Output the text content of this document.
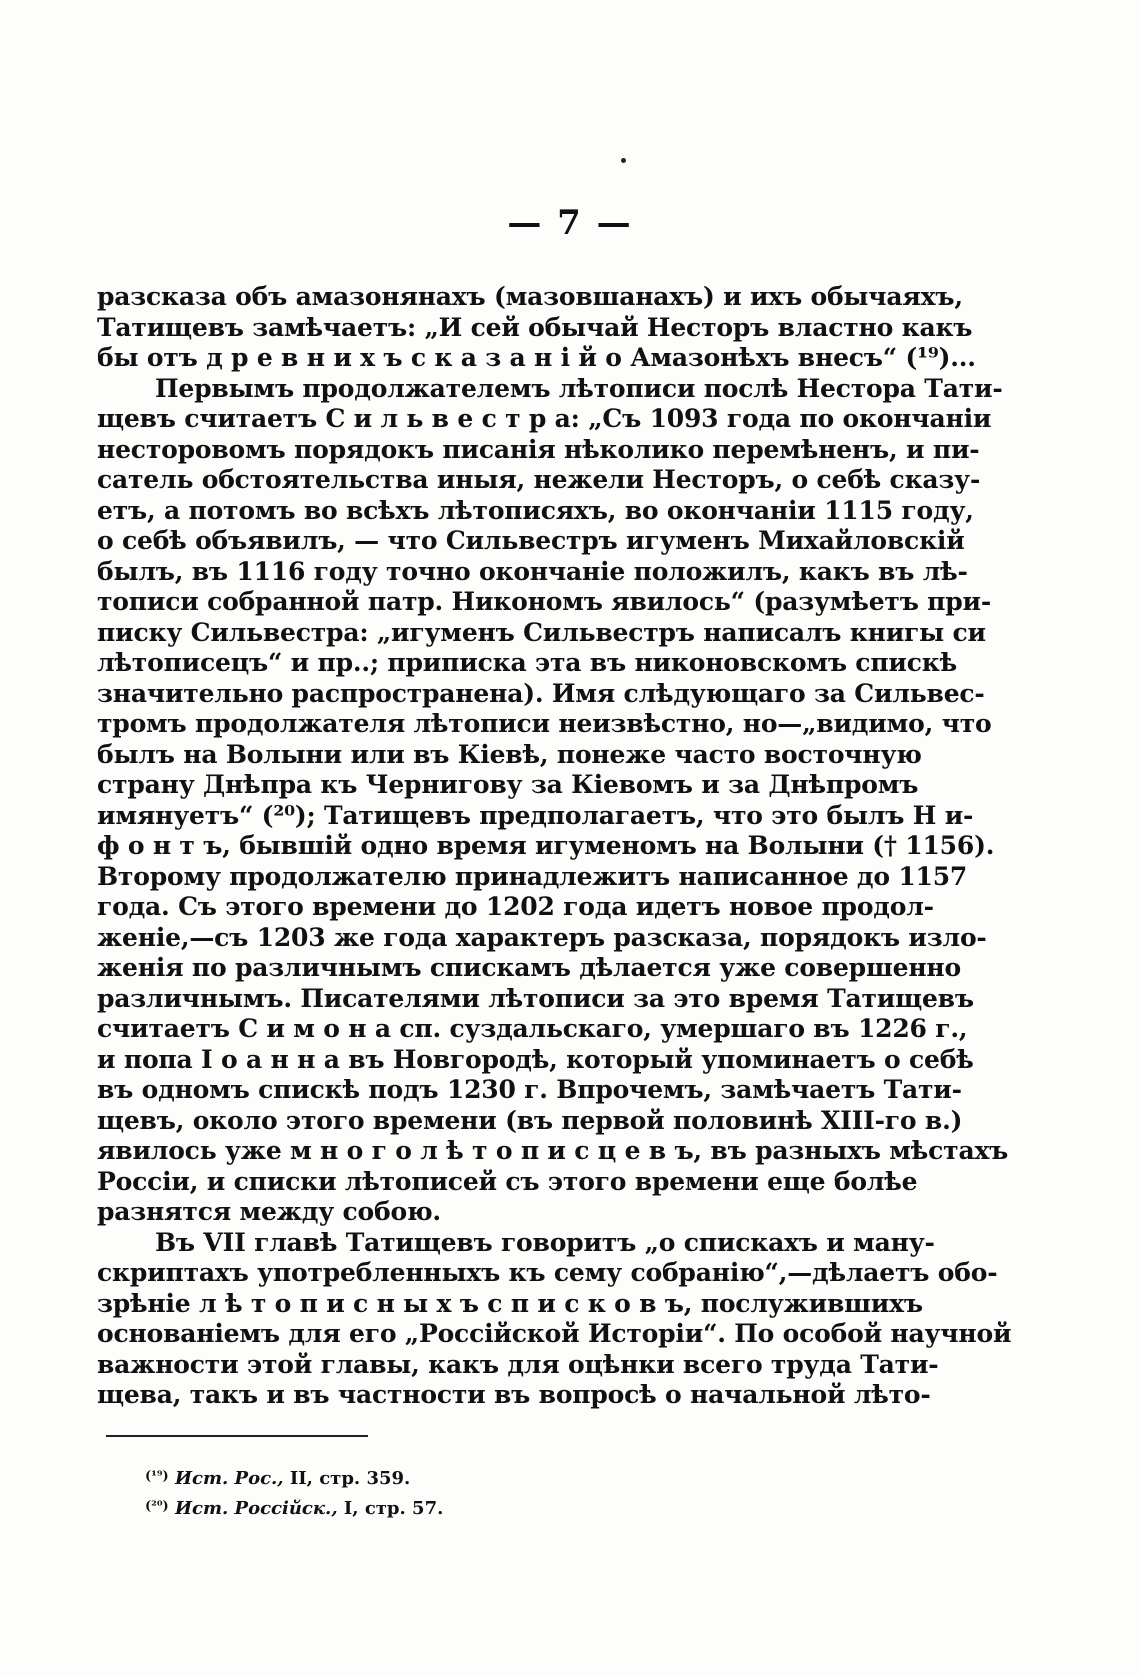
— 7 —
разсказа объ амазонянахъ (мазовшанахъ) и ихъ обычаяхъ,
Татищевъ замѣчаетъ: „И сей обычай Несторъ властно какъ
бы отъ д р е в н и х ъ с к а з а н і й о Амазонѣхъ внесъ“ (¹⁹)...
Первымъ продолжателемъ лѣтописи послѣ Нестора Тати-
щевъ считаетъ С и л ь в е с т р а: „Съ 1093 года по окончаніи
несторовомъ порядокъ писанія нѣколико перемѣненъ, и пи-
сатель обстоятельства иныя, нежели Несторъ, о себѣ сказу-
етъ, а потомъ во всѣхъ лѣтописяхъ, во окончаніи 1115 году,
о себѣ объявилъ, — что Сильвестръ игуменъ Михайловскій
былъ, въ 1116 году точно окончаніе положилъ, какъ въ лѣ-
тописи собранной патр. Никономъ явилось“ (разумѣетъ при-
писку Сильвестра: „игуменъ Сильвестръ написалъ книгы си
лѣтописецъ“ и пр..; приписка эта въ никоновскомъ спискѣ
значительно распространена). Имя слѣдующаго за Сильвес-
тромъ продолжателя лѣтописи неизвѣстно, но—„видимо, что
былъ на Волыни или въ Кіевѣ, понеже часто восточную
страну Днѣпра къ Чернигову за Кіевомъ и за Днѣпромъ
имянуетъ“ (²⁰); Татищевъ предполагаетъ, что это былъ Н и-
ф о н т ъ, бывшій одно время игуменомъ на Волыни († 1156).
Второму продолжателю принадлежитъ написанное до 1157
года. Съ этого времени до 1202 года идетъ новое продол-
женіе,—съ 1203 же года характеръ разсказа, порядокъ изло-
женія по различнымъ спискамъ дѣлается уже совершенно
различнымъ. Писателями лѣтописи за это время Татищевъ
считаетъ С и м о н а сп. суздальскаго, умершаго въ 1226 г.,
и попа І о а н н а въ Новгородѣ, который упоминаетъ о себѣ
въ одномъ спискѣ подъ 1230 г. Впрочемъ, замѣчаетъ Тати-
щевъ, около этого времени (въ первой половинѣ XIII-го в.)
явилось уже м н о г о л ѣ т о п и с ц е в ъ, въ разныхъ мѣстахъ
Россіи, и списки лѣтописей съ этого времени еще болѣе
разнятся между собою.
Въ VII главѣ Татищевъ говоритъ „о спискахъ и ману-
скриптахъ употребленныхъ къ сему собранію“,—дѣлаетъ обо-
зрѣніе л ѣ т о п и с н ы х ъ с п и с к о в ъ, послужившихъ
основаніемъ для его „Россійской Исторіи“. По особой научной
важности этой главы, какъ для оцѣнки всего труда Тати-
щева, такъ и въ частности въ вопросѣ о начальной лѣто-
$^{(^{19})}$ Ист. Рос., II, стр. 359.
$^{(^{20})}$ Ист. Россійск., I, стр. 57.
